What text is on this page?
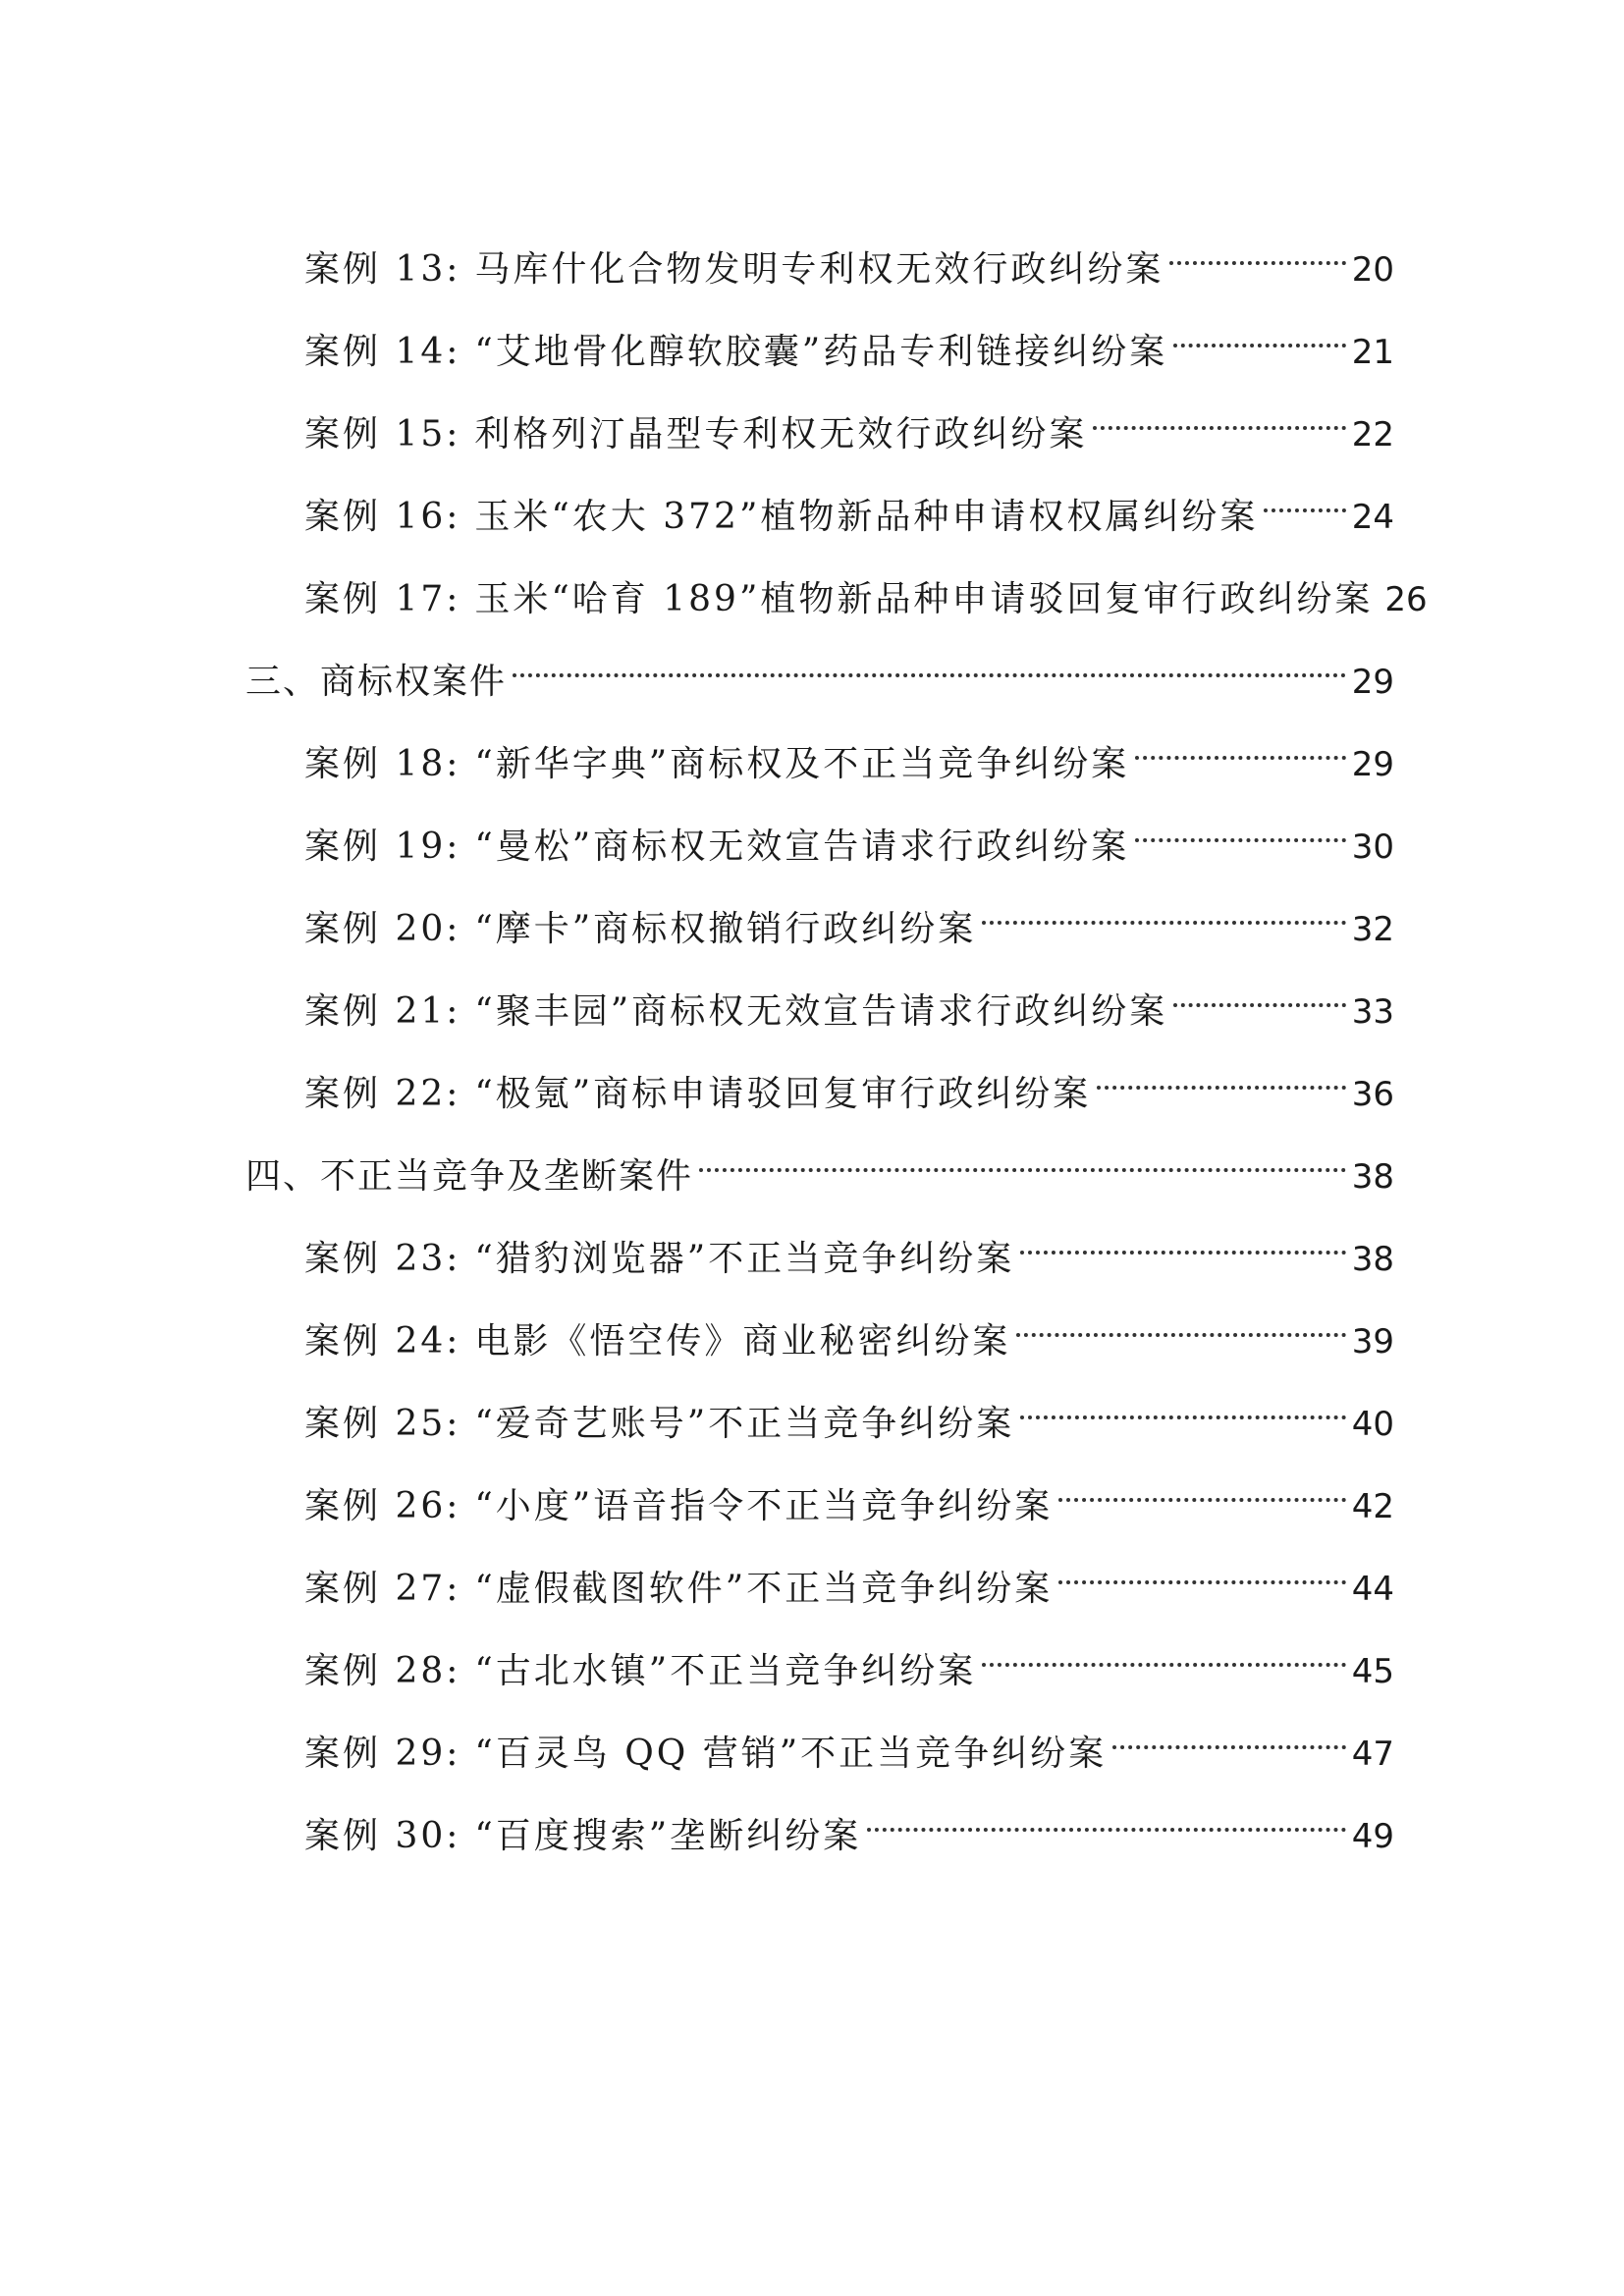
案例 13: 马库什化合物发明专利权无效行政纠纷案	20
案例 14: “艾地骨化醇软胶囊”药品专利链接纠纷案	21
案例 15: 利格列汀晶型专利权无效行政纠纷案	22
案例 16: 玉米“农大 372”植物新品种申请权权属纠纷案	24
案例 17: 玉米“哈育 189”植物新品种申请驳回复审行政纠纷案 26
三、商标权案件	29
案例 18: “新华字典”商标权及不正当竞争纠纷案	29
案例 19: “曼松”商标权无效宣告请求行政纠纷案	30
案例 20: “摩卡”商标权撤销行政纠纷案	32
案例 21: “聚丰园”商标权无效宣告请求行政纠纷案	33
案例 22: “极氪”商标申请驳回复审行政纠纷案	36
四、不正当竞争及垄断案件	38
案例 23: “猎豹浏览器”不正当竞争纠纷案	38
案例 24: 电影《悟空传》商业秘密纠纷案	39
案例 25: “爱奇艺账号”不正当竞争纠纷案	40
案例 26: “小度”语音指令不正当竞争纠纷案	42
案例 27: “虚假截图软件”不正当竞争纠纷案	44
案例 28: “古北水镇”不正当竞争纠纷案	45
案例 29: “百灵鸟 QQ 营销”不正当竞争纠纷案	47
案例 30: “百度搜索”垄断纠纷案	49
